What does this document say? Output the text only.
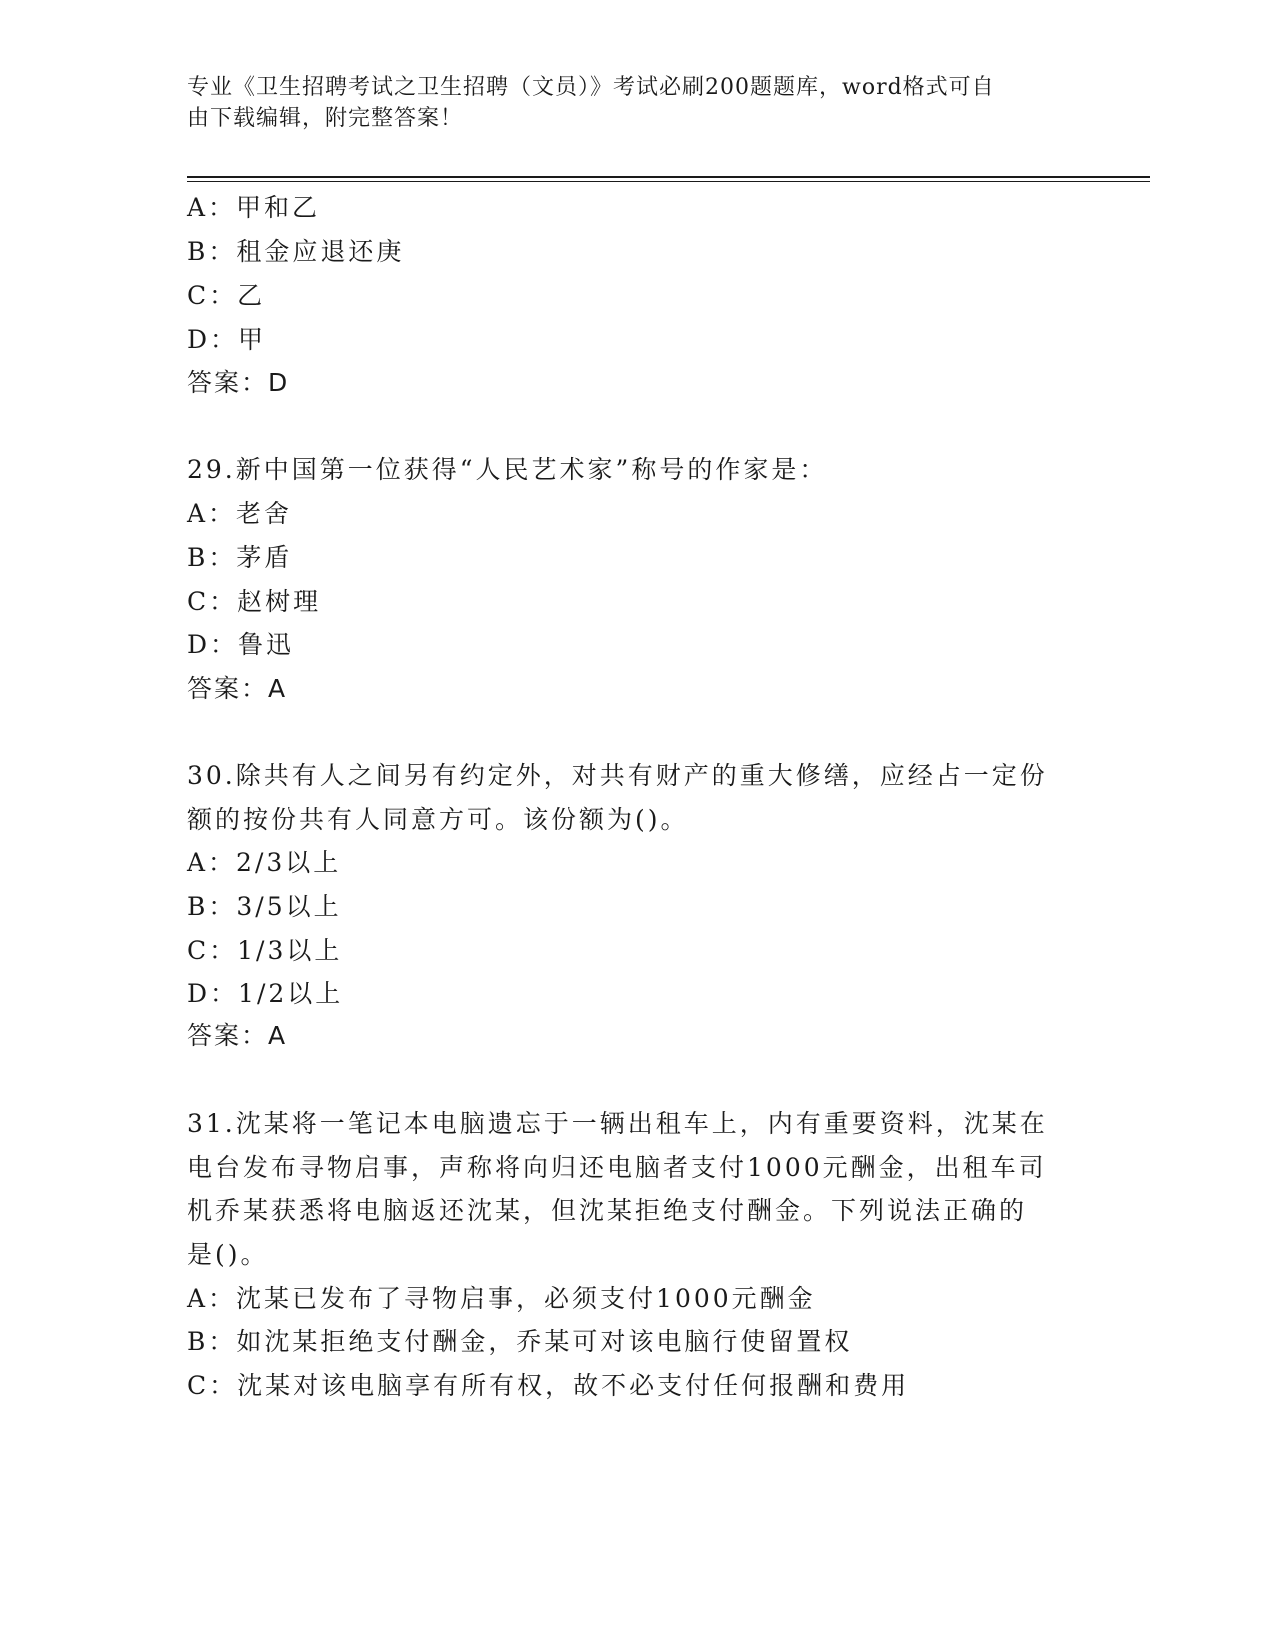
专业《卫生招聘考试之卫生招聘（文员）》考试必刷200题题库，word格式可自
由下载编辑，附完整答案！
A：甲和乙
B：租金应退还庚
C：乙
D：甲
答案：D
29.新中国第一位获得“人民艺术家”称号的作家是：
A：老舍
B：茅盾
C：赵树理
D：鲁迅
答案：A
30.除共有人之间另有约定外，对共有财产的重大修缮，应经占一定份
额的按份共有人同意方可。该份额为()。
A：2/3以上
B：3/5以上
C：1/3以上
D：1/2以上
答案：A
31.沈某将一笔记本电脑遗忘于一辆出租车上，内有重要资料，沈某在
电台发布寻物启事，声称将向归还电脑者支付1000元酬金，出租车司
机乔某获悉将电脑返还沈某，但沈某拒绝支付酬金。下列说法正确的
是()。
A：沈某已发布了寻物启事，必须支付1000元酬金
B：如沈某拒绝支付酬金，乔某可对该电脑行使留置权
C：沈某对该电脑享有所有权，故不必支付任何报酬和费用
